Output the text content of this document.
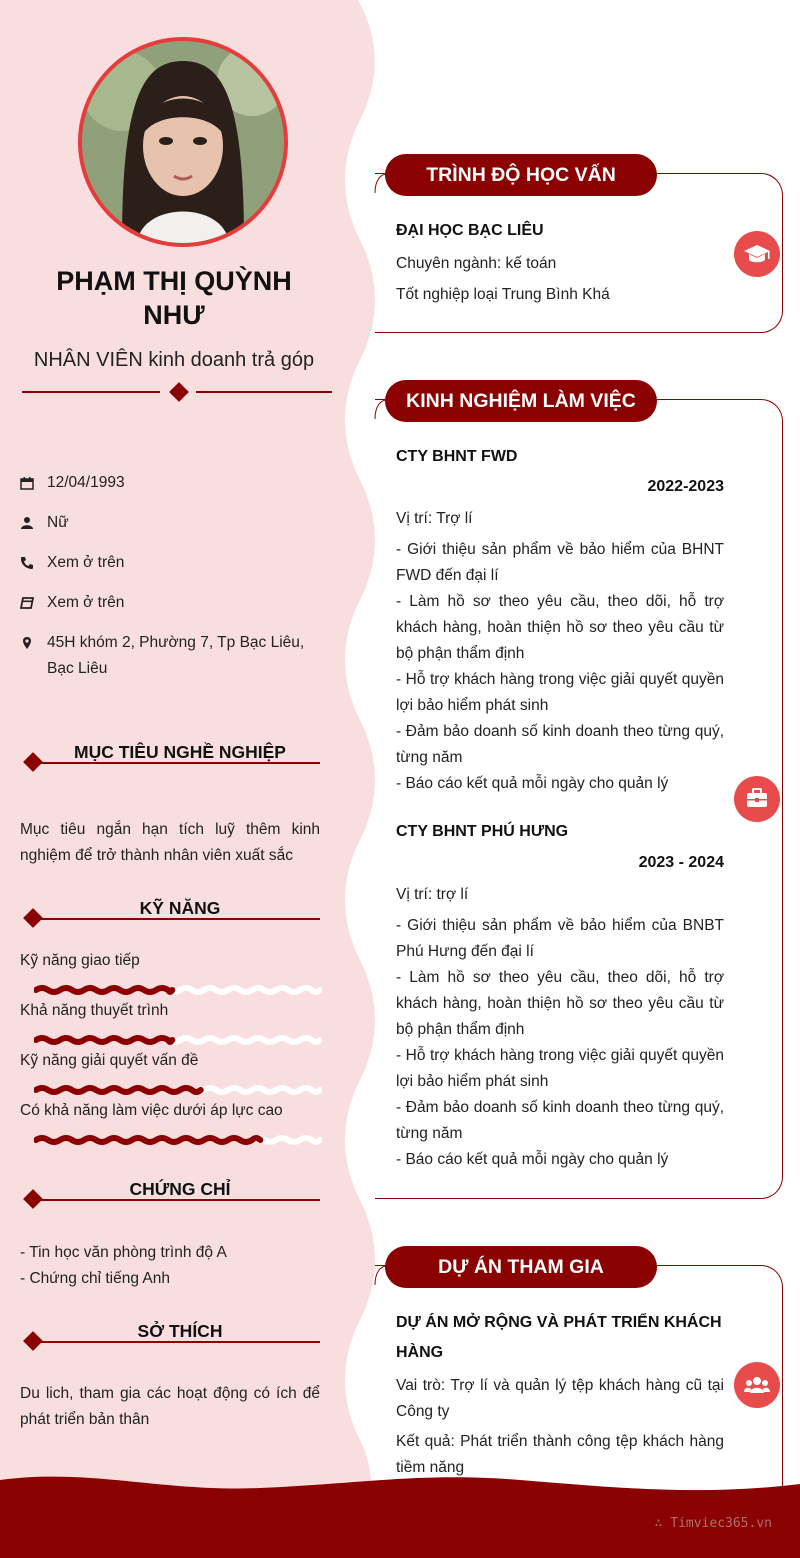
PHẠM THỊ QUỲNH
NHƯ
NHÂN VIÊN kinh doanh trả góp
12/04/1993
Nữ
Xem ở trên
Xem ở trên
45H khóm 2, Phường 7, Tp Bạc Liêu, Bạc Liêu
MỤC TIÊU NGHỀ NGHIỆP
Mục tiêu ngắn hạn tích luỹ thêm kinh nghiệm để trở thành nhân viên xuất sắc
KỸ NĂNG
Kỹ năng giao tiếp
Khả năng thuyết trình
Kỹ năng giải quyết vấn đề
Có khả năng làm việc dưới áp lực cao
CHỨNG CHỈ
- Tin học văn phòng trình độ A
- Chứng chỉ tiếng Anh
SỞ THÍCH
Du lich, tham gia các hoạt động có ích để phát triển bản thân
TRÌNH ĐỘ HỌC VẤN
ĐẠI HỌC BẠC LIÊU
Chuyên ngành: kế toán
Tốt nghiệp loại Trung Bình Khá
KINH NGHIỆM LÀM VIỆC
CTY BHNT FWD
2022-2023
Vị trí: Trợ lí
- Giới thiệu sản phẩm về bảo hiểm của BHNT FWD đến đại lí
- Làm hồ sơ theo yêu cầu, theo dõi, hỗ trợ khách hàng, hoàn thiện hồ sơ theo yêu cầu từ bộ phận thẩm định
- Hỗ trợ khách hàng trong việc giải quyết quyền lợi bảo hiểm phát sinh
- Đảm bảo doanh số kinh doanh theo từng quý, từng năm
- Báo cáo kết quả mỗi ngày cho quản lý
CTY BHNT PHÚ HƯNG
2023 - 2024
Vị trí: trợ lí
- Giới thiệu sản phẩm về bảo hiểm của BNBT Phú Hưng đến đại lí
- Làm hồ sơ theo yêu cầu, theo dõi, hỗ trợ khách hàng, hoàn thiện hồ sơ theo yêu cầu từ bộ phận thẩm định
- Hỗ trợ khách hàng trong việc giải quyết quyền lợi bảo hiểm phát sinh
- Đảm bảo doanh số kinh doanh theo từng quý, từng năm
- Báo cáo kết quả mỗi ngày cho quản lý
DỰ ÁN THAM GIA
DỰ ÁN MỞ RỘNG VÀ PHÁT TRIỂN KHÁCH HÀNG
Vai trò: Trợ lí và quản lý tệp khách hàng cũ tại Công ty
Kết quả: Phát triển thành công tệp khách hàng tiềm năng
∴ Timviec365.vn
